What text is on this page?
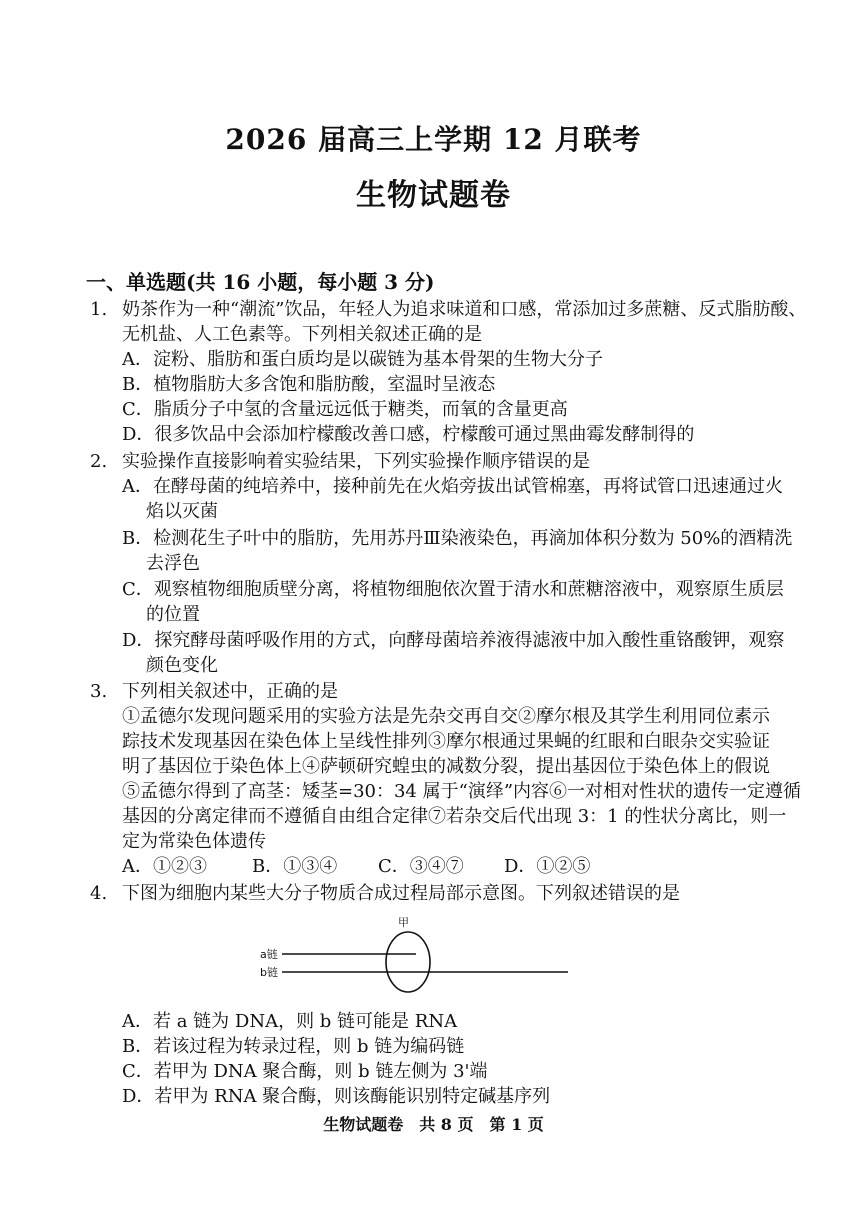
2026 届高三上学期 12 月联考
生物试题卷
一、单选题(共 16 小题，每小题 3 分)
1. 奶茶作为一种“潮流”饮品，年轻人为追求味道和口感，常添加过多蔗糖、反式脂肪酸、
无机盐、人工色素等。下列相关叙述正确的是
A．淀粉、脂肪和蛋白质均是以碳链为基本骨架的生物大分子
B．植物脂肪大多含饱和脂肪酸，室温时呈液态
C．脂质分子中氢的含量远远低于糖类，而氧的含量更高
D．很多饮品中会添加柠檬酸改善口感，柠檬酸可通过黑曲霉发酵制得的
2. 实验操作直接影响着实验结果，下列实验操作顺序错误的是
A．在酵母菌的纯培养中，接种前先在火焰旁拔出试管棉塞，再将试管口迅速通过火
焰以灭菌
B．检测花生子叶中的脂肪，先用苏丹Ⅲ染液染色，再滴加体积分数为 50%的酒精洗
去浮色
C．观察植物细胞质壁分离，将植物细胞依次置于清水和蔗糖溶液中，观察原生质层
的位置
D．探究酵母菌呼吸作用的方式，向酵母菌培养液得滤液中加入酸性重铬酸钾，观察
颜色变化
3. 下列相关叙述中，正确的是
①孟德尔发现问题采用的实验方法是先杂交再自交②摩尔根及其学生利用同位素示
踪技术发现基因在染色体上呈线性排列③摩尔根通过果蝇的红眼和白眼杂交实验证
明了基因位于染色体上④萨顿研究蝗虫的减数分裂，提出基因位于染色体上的假说
⑤孟德尔得到了高茎：矮茎=30：34 属于“演绎”内容⑥一对相对性状的遗传一定遵循
基因的分离定律而不遵循自由组合定律⑦若杂交后代出现 3：1 的性状分离比，则一
定为常染色体遗传
A．①②③	B．①③④ C．③④⑦ D．①②⑤
4. 下图为细胞内某些大分子物质合成过程局部示意图。下列叙述错误的是
甲
a链
b链
A．若 a 链为 DNA，则 b 链可能是 RNA
B．若该过程为转录过程，则 b 链为编码链
C．若甲为 DNA 聚合酶，则 b 链左侧为 3'端
D．若甲为 RNA 聚合酶，则该酶能识别特定碱基序列
生物试题卷　共 8 页　第 1 页
